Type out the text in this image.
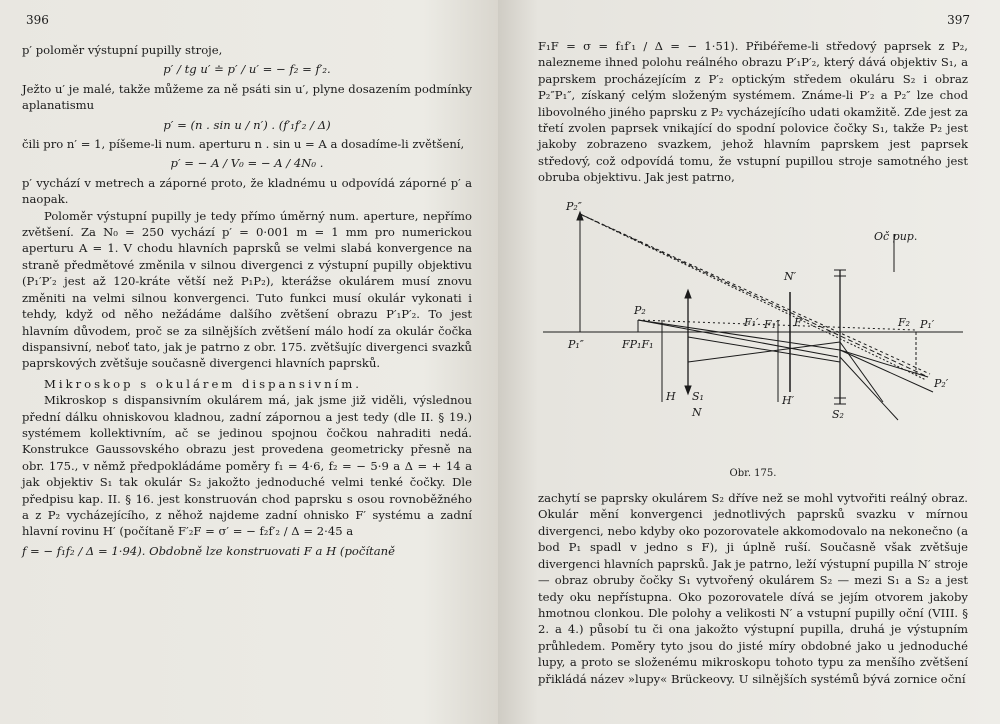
396

p′ poloměr výstupní pupilly stroje,

p′ / tg u′ ≐ p′ / u′ = − f₂ = f′₂.

Ježto u′ je malé, takže můžeme za ně psáti sin u′, plyne dosazením podmínky aplanatismu

p′ = (n . sin u / n′) . (f′₁f′₂ / Δ)

čili pro n′ = 1, píšeme-li num. aperturu n . sin u = A a dosadíme-li zvětšení,

p′ = − A / V₀ = − A / 4N₀ .

p′ vychází v metrech a záporné proto, že kladnému u odpovídá záporné p′ a naopak.

Poloměr výstupní pupilly je tedy přímo úměrný num. aperture, nepřímo zvětšení. Za N₀ = 250 vychází p′ = 0·001 m = 1 mm pro numerickou aperturu A = 1. V chodu hlavních paprsků se velmi slabá konvergence na straně předmětové změnila v silnou divergenci z výstupní pupilly objektivu (P₁′P′₂ jest až 120-kráte větší než P₁P₂), kterážse okulárem musí znovu změniti na velmi silnou konvergenci. Tuto funkci musí okulár vykonati i tehdy, když od něho nežádáme dalšího zvětšení obrazu P′₁P′₂. To jest hlavním důvodem, proč se za silnějších zvětšení málo hodí za okulár čočka dispansivní, neboť tato, jak je patrno z obr. 175. zvětšujíc divergenci svazků paprskových zvětšuje současně divergenci hlavních paprsků.

Mikroskop s okulárem dispansivním.

Mikroskop s dispansivním okulárem má, jak jsme již viděli, výslednou přední dálku ohniskovou kladnou, zadní zápornou a jest tedy (dle II. § 19.) systémem kollektivním, ač se jedinou spojnou čočkou nahraditi nedá. Konstrukce Gaussovského obrazu jest provedena geometricky přesně na obr. 175., v němž předpokládáme poměry f₁ = 4·6, f₂ = − 5·9 a Δ = + 14 a jak objektiv S₁ tak okulár S₂ jakožto jednoduché velmi tenké čočky. Dle předpisu kap. II. § 16. jest konstruován chod paprsku s osou rovnoběžného a z P₂ vycházejícího, z něhož najdeme zadní ohnisko F′ systému a zadní hlavní rovinu H′ (počítaně F′₂F = σ′ = − f₂f′₂ / Δ = 2·45 a

f = − f₁f₂ / Δ = 1·94). Obdobně lze konstruovati F a H (počítaně

397

F₁F = σ = f₁f′₁ / Δ = − 1·51). Přibéřeme-li středový paprsek z P₂, nalezneme ihned polohu reálného obrazu P′₁P′₂, který dává objektiv S₁, a paprskem procházejícím z P′₂ optickým středem okuláru S₂ i obraz P₂″P₁″, získaný celým složeným systémem. Známe-li P′₂ a P₂″ lze chod libovolného jiného paprsku z P₂ vycházejícího udati okamžitě. Zde jest za třetí zvolen paprsek vnikající do spodní polovice čočky S₁, takže P₂ jest jakoby zobrazeno svazkem, jehož hlavním paprskem jest paprsek středový, což odpovídá tomu, že vstupní pupillou stroje samotného jest obruba objektivu. Jak jest patrno,

P₂″
P₁″
Oč pup.
N′
P₂
FP₁F₁
F₁′ F₁″ F′	F₂ P₁′
P₂′
H	H′
S₁
N	S₂

Obr. 175.

zachytí se paprsky okulárem S₂ dříve než se mohl vytvořiti reálný obraz. Okulár mění konvergenci jednotlivých paprsků svazku v mírnou divergenci, nebo kdyby oko pozorovatele akkomodovalo na nekonečno (a bod P₁ spadl v jedno s F), ji úplně ruší. Současně však zvětšuje divergenci hlavních paprsků. Jak je patrno, leží výstupní pupilla N′ stroje — obraz obruby čočky S₁ vytvořený okulárem S₂ — mezi S₁ a S₂ a jest tedy oku nepřístupna. Oko pozorovatele dívá se jejím otvorem jakoby hmotnou clonkou. Dle polohy a velikosti N′ a vstupní pupilly oční (VIII. § 2. a 4.) působí tu či ona jakožto výstupní pupilla, druhá je výstupním průhledem. Poměry tyto jsou do jisté míry obdobné jako u jednoduché lupy, a proto se složenému mikroskopu tohoto typu za menšího zvětšení přikládá název »lupy« Brückeovy. U silnějších systémů bývá zornice oční
